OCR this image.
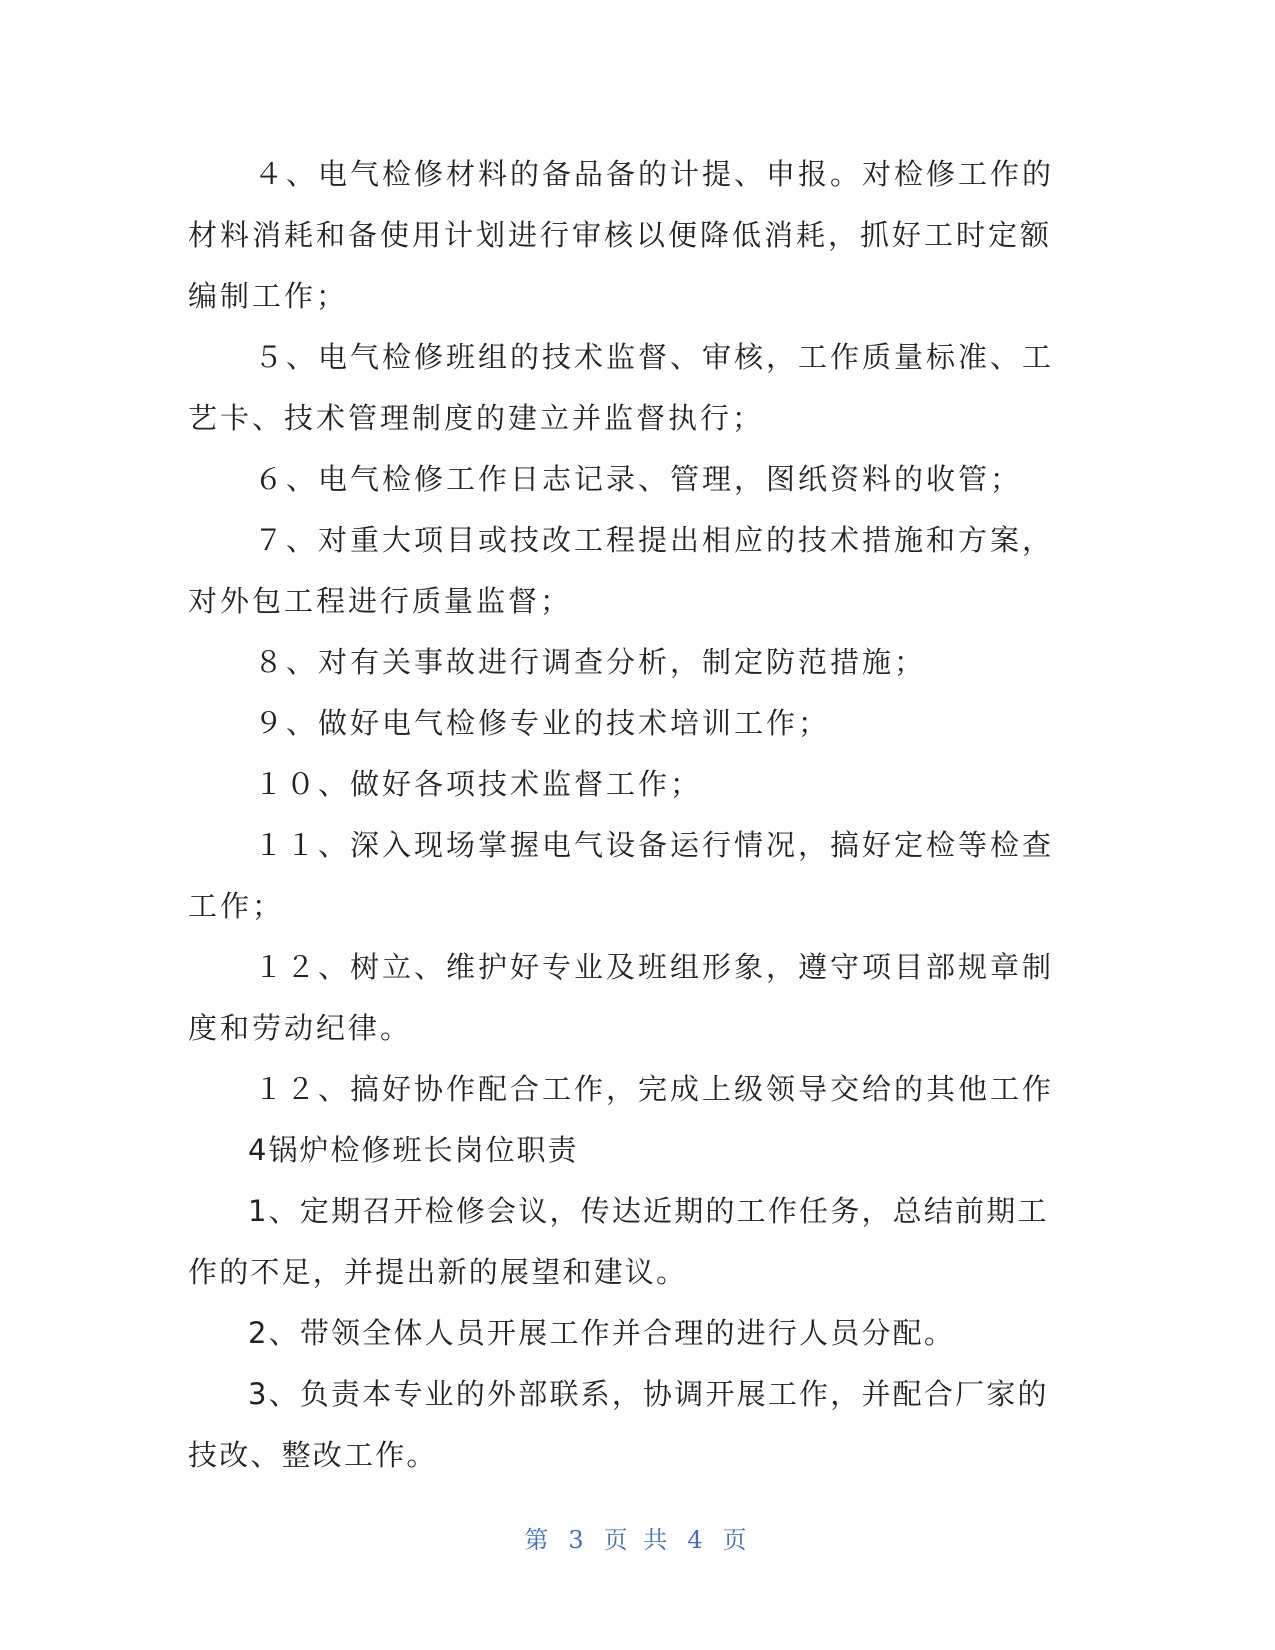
４、电气检修材料的备品备的计提、申报。对检修工作的材料消耗和备使用计划进行审核以便降低消耗，抓好工时定额编制工作；

５、电气检修班组的技术监督、审核，工作质量标准、工艺卡、技术管理制度的建立并监督执行；

６、电气检修工作日志记录、管理，图纸资料的收管；

７、对重大项目或技改工程提出相应的技术措施和方案，对外包工程进行质量监督；

８、对有关事故进行调查分析，制定防范措施；

９、做好电气检修专业的技术培训工作；

１０、做好各项技术监督工作；

１１、深入现场掌握电气设备运行情况，搞好定检等检查工作；

１２、树立、维护好专业及班组形象，遵守项目部规章制度和劳动纪律。

１２、搞好协作配合工作，完成上级领导交给的其他工作

4锅炉检修班长岗位职责

1、定期召开检修会议，传达近期的工作任务，总结前期工作的不足，并提出新的展望和建议。

2、带领全体人员开展工作并合理的进行人员分配。

3、负责本专业的外部联系，协调开展工作，并配合厂家的技改、整改工作。

第 3 页 共 4 页
